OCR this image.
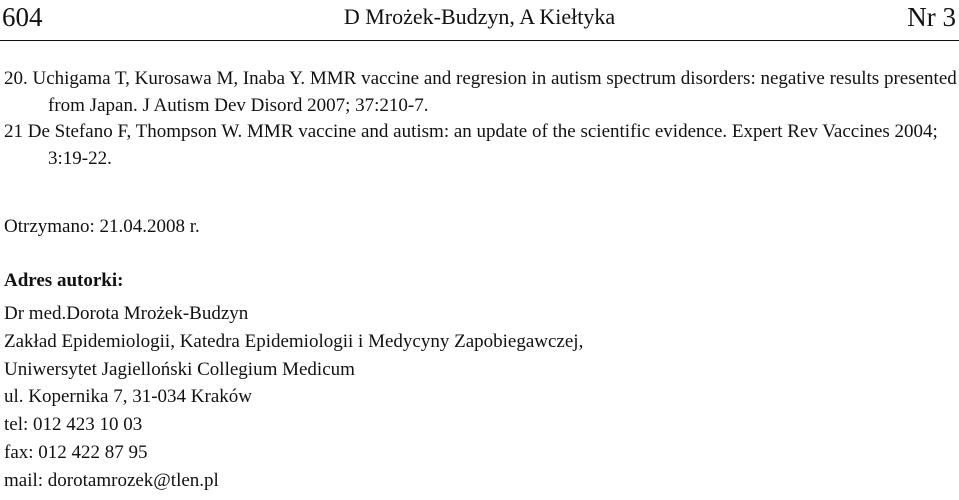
604	D Mrożek-Budzyn, A Kiełtyka	Nr 3
20. Uchigama T, Kurosawa M, Inaba Y. MMR vaccine and regresion in autism spectrum disorders: negative results presented from Japan. J Autism Dev Disord 2007; 37:210-7.
21 De Stefano F, Thompson W. MMR vaccine and autism: an update of the scientific evidence. Expert Rev Vaccines 2004; 3:19-22.
Otrzymano: 21.04.2008 r.
Adres autorki:
Dr med.Dorota Mrożek-Budzyn
Zakład Epidemiologii, Katedra Epidemiologii i Medycyny Zapobiegawczej,
Uniwersytet Jagielloński Collegium Medicum
ul. Kopernika 7, 31-034 Kraków
tel: 012 423 10 03
fax: 012 422 87 95
mail: dorotamrozek@tlen.pl
